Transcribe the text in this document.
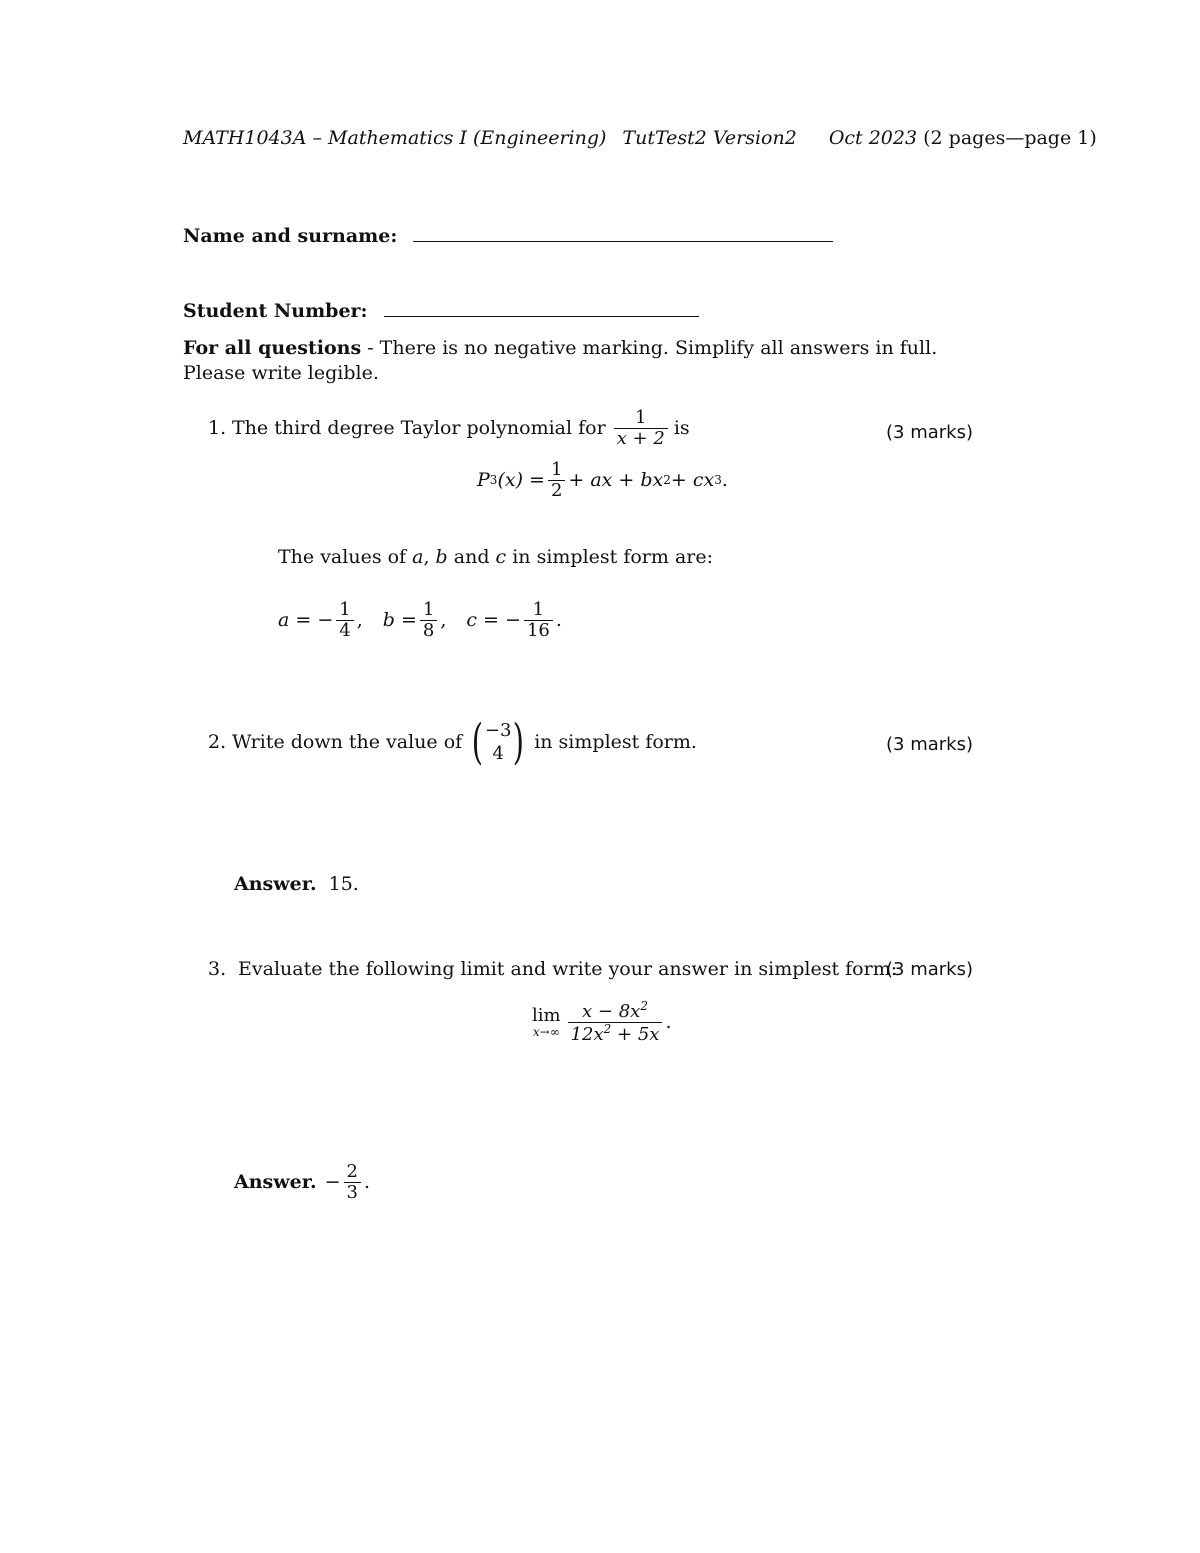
MATH1043A – Mathematics I (Engineering) TutTest2 Version2 Oct 2023 (2 pages—page 1)
Name and surname:
Student Number:
For all questions - There is no negative marking. Simplify all answers in full. Please write legible.
1. The third degree Taylor polynomial for $\frac{1}{x + 2}$ is	(3 marks)
P 3 $(x) = \frac{1}{2}$ + ax + bx 2 + cx 3 .
The values of a, b and c in simplest form are:
a = − $\frac{1}{4}$ , $b = \frac{1}{8}$ , c = − $\frac{1}{16}$ .
2. Write down the value of ( −3
4 ) in simplest form.	(3 marks)
Answer. 15.
3. Evaluate the following limit and write your answer in simplest form:
(3 marks)
lim
$x\to\infty \frac{x - 8x^2}{12x^2 + 5x}$ .
Answer. − $\frac{2}{3}$ .
